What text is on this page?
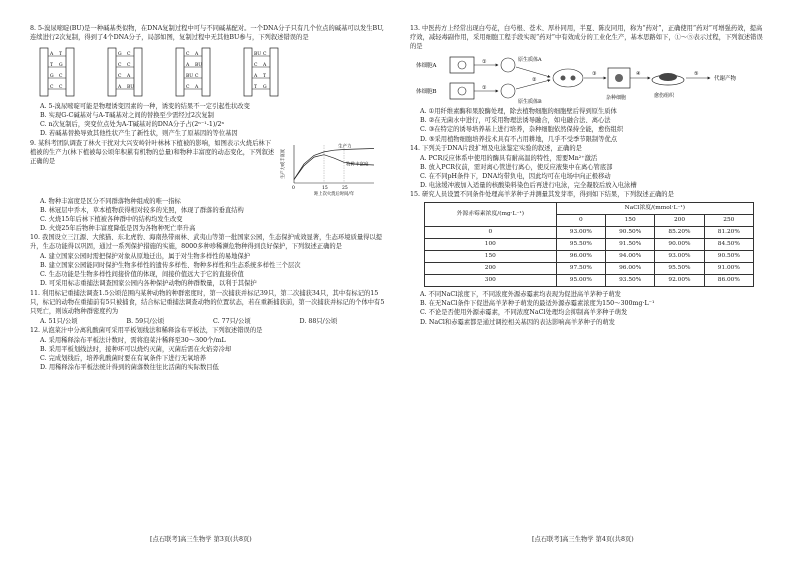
8. 5-溴尿嘧啶(BU)是一种碱基类似物，在DNA复制过程中可与不同碱基配对。一个DNA分子只有几个位点的碱基可以发生BU,连续进行2次复制，得到了4个DNA分子，局部如图，复制过程中无其他BU参与，下列叙述错误的是
A T
T G
G C
C C
G C
C C
C A
A BU
C A
A BU
BU C
C A
BU C
C A
A T
T G
A. 5-溴尿嘧啶可能是物理诱变因素的一种，诱变的结果不一定引起性状改变
B. 实现G-C碱基对与A-T碱基对之间的替换至少需经过2次复制
C. n次复制后，突变位点处为A-T碱基对的DNA分子占(2ⁿ⁻¹-1)/2ⁿ
D. 若碱基替换导致其他性状产生了新性状，则产生了原基因的等位基因
9. 某科考团队调查了林火干扰对大兴安岭针叶林林下植被的影响，如图表示火烧后林下植被的生产力(林下植被每公顷年积累有机物的总量)和物种丰富度的动态变化，下列叙述正确的是
0	15	25
生产力
物种丰富度
距上次火烧后时间/年
生产力或丰富度
A. 物种丰富度是区分不同群落物种组成的唯一指标
B. 林冠层中乔木，草本植物获得相对较多的光照，体现了群落的垂直结构
C. 火烧15年后林下植被各种群中的结构均发生改变
D. 火烧25年后物种丰富度降低是因为各物种死亡率升高
10. 我国设立三江源、大熊猫、东北虎豹、海南热带雨林、武夷山等第一批国家公园，生态保护成效显著，生态环境质量得以提升，生态功能得以巩固，通过一系列保护措施的实施，8000多种珍稀濒危物种得到良好保护，下列叙述正确的是
A. 建立国家公园时需把保护对象从原地迁出，属于对生物多样性的易地保护
B. 建立国家公园能同时保护生物多样性的遗传多样性、物种多样性和生态系统多样性三个层次
C. 生态功能是生物多样性间接价值的体现，间接价值远大于它的直接价值
D. 可采用标志重捕法调查国家公园内各种保护动物的种群数量，以利于其保护
11. 利用标记重捕法调查1.5公顷范围内某种动物的种群密度时，第一次捕获并标记39只，第二次捕获34只，其中有标记的15只，标记的动物在重捕前有5只被捕食，结合标记重捕法调查动物的位置状态，若在重新捕获前，第一次捕获并标记的个体中有5只死亡，则该动物种群密度约为
A. 51只/公顷	B. 59只/公顷	C. 77只/公顷	D. 88只/公顷
12. 从泡菜汁中分离乳酸菌可采用平板划线法和稀释涂布平板法，下列叙述错误的是
A. 采用稀释涂布平板法计数时，需将泡菜汁稀释至30～300个/mL
B. 采用平板划线法时，接种环可以烧灼灭菌，灭菌后需在火焰旁冷却
C. 完成划线后，培养乳酸菌时要在有氧条件下进行无氧培养
D. 用稀释涂布平板法统计得到的菌落数往往比活菌的实际数目低
[点石联考]高三生物学 第3页(共8页)
13. 中医药方上经常出现白芍花，白芍根、苍术、厚朴同用，半夏、陈皮同用，称为“药对”，正确使用“药对”可增强药效，提高疗效，减轻毒副作用，采用细胞工程手段实现“药对”中有效成分的工业化生产，基本思路如下，①～⑤表示过程，下列叙述错误的是
体细胞A
体细胞B
①
①
原生质体A
原生质体B
②
③
杂种细胞
④
愈伤组织
⑤
代谢产物
A. ①用纤维素酶和果胶酶处理，除去植物细胞的细胞壁后得到原生质体
B. ②在无菌水中进行，可采用物理法诱导融合，如电融合法、离心法
C. ③在特定的诱导培养基上进行培养，杂种细胞依然保持全能，愈伤组织
D. ⑤采用植物细胞培养技术具有不占用耕地，几乎不受季节限制等优点
14. 下列关于DNA片段扩增及电泳鉴定实验的叙述，正确的是
A. PCR反应体系中使用的酶具有耐高温的特性，需要Mn²⁺激活
B. 放入PCR仪前，需对离心管进行离心，使反应液集中在离心管底部
C. 在不同pH条件下，DNA均带负电，因此均可在电场中向正极移动
D. 电泳缓冲液加入适量的核酸染料染色后再进行电泳，完全凝胶后放入电泳槽
15. 研究人员设置不同条件处理高羊茅种子并测量其发芽率，得到如下结果，下列叙述正确的是
外源赤霉素浓度/(mg·L⁻¹)	NaCl浓度/(mmol·L⁻¹)			
	0	150	200	250
0	93.00%	90.50%	85.20%	81.20%
100	95.50%	91.50%	90.00%	84.50%
150	96.00%	94.00%	93.00%	90.50%
200	97.50%	96.00%	95.50%	91.00%
300	95.00%	93.50%	92.00%	86.00%
A. 不同NaCl浓度下，不同浓度外源赤霉素均表现为促进高羊茅种子萌发
B. 在无NaCl条件下促进高羊茅种子萌发的最适外源赤霉素浓度为150～300mg·L⁻¹
C. 不论是否使用外源赤霉素，不同浓度NaCl处理均会抑制高羊茅种子萌发
D. NaCl和赤霉素都是通过调控相关基因的表达影响高羊茅种子的萌发
[点石联考]高三生物学 第4页(共8页)
